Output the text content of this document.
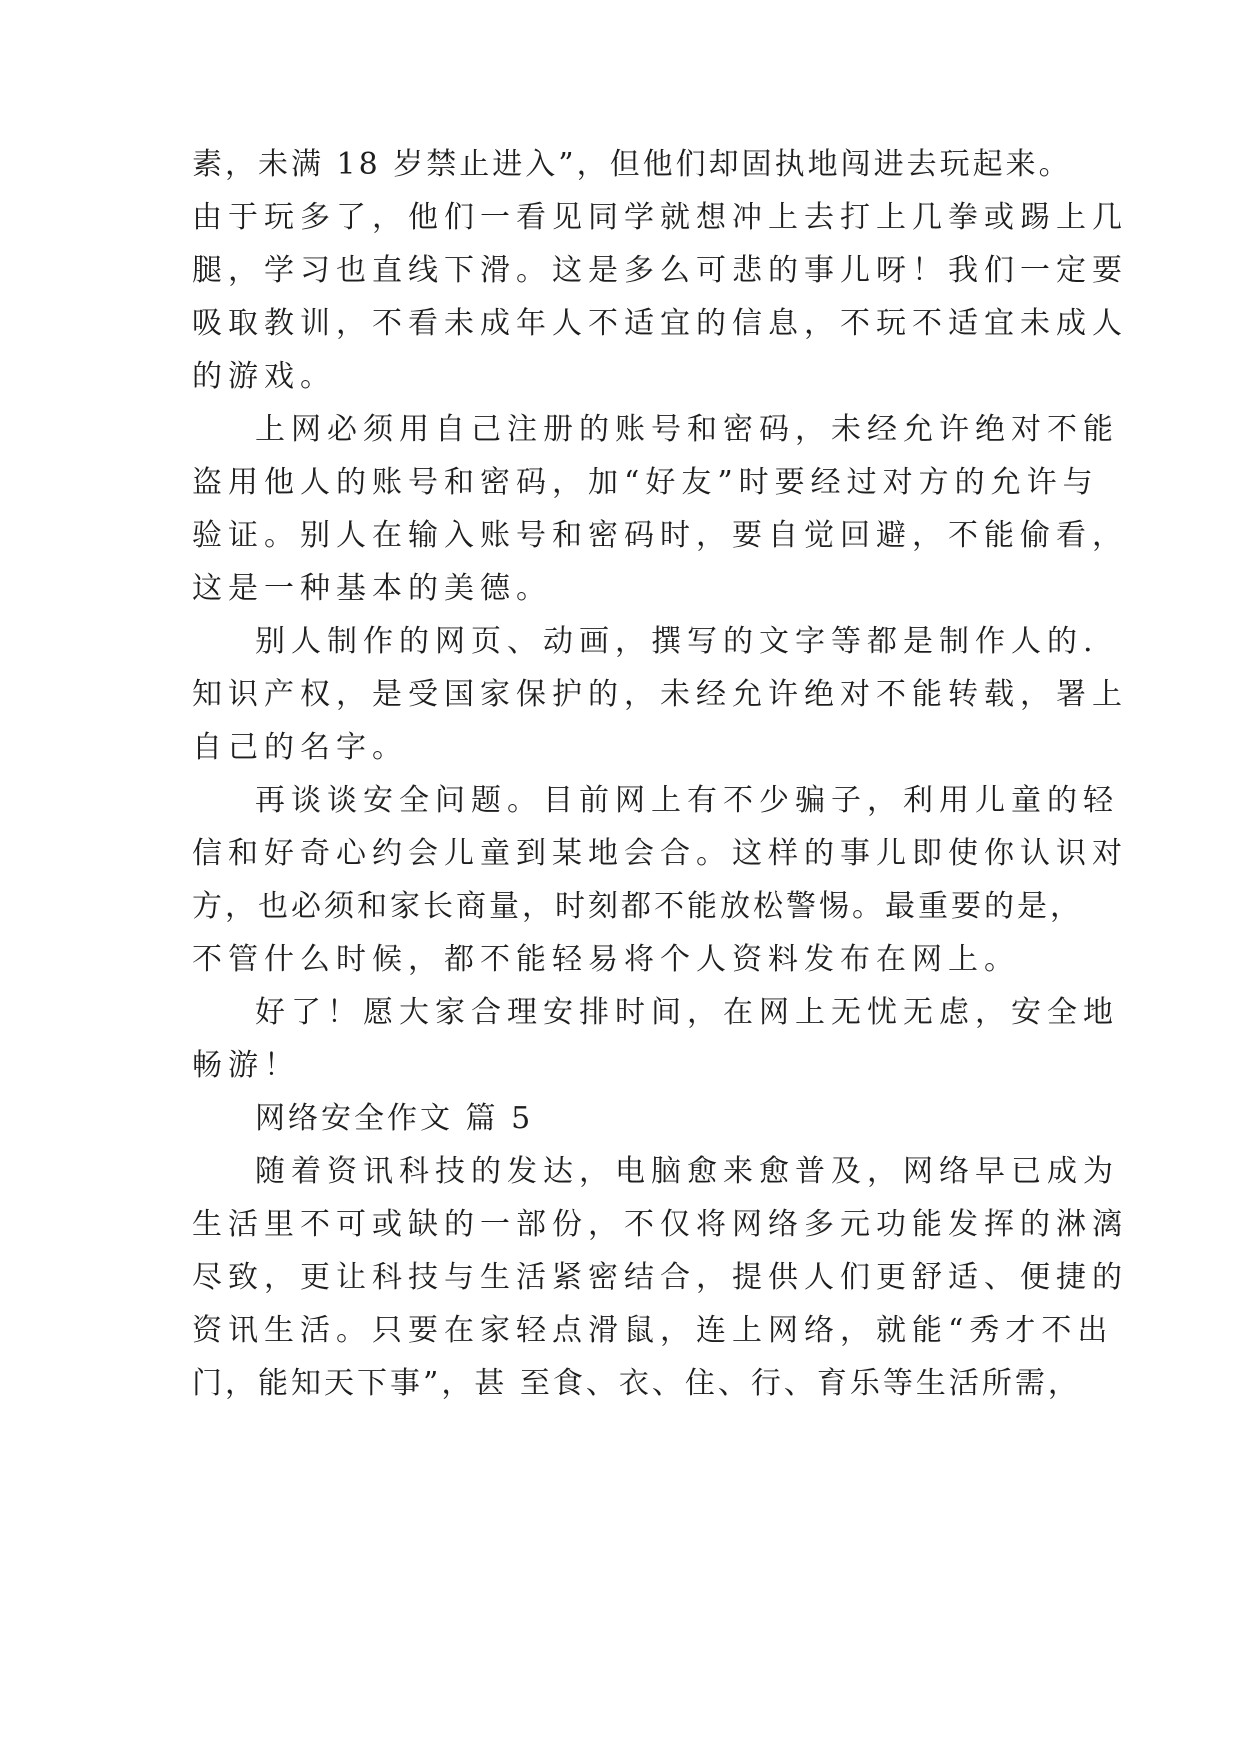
素，未满 18 岁禁止进入”，但他们却固执地闯进去玩起来。

由于玩多了，他们一看见同学就想冲上去打上几拳或踢上几

腿，学习也直线下滑。这是多么可悲的事儿呀！我们一定要

吸取教训，不看未成年人不适宜的信息，不玩不适宜未成人

的游戏。

上网必须用自己注册的账号和密码，未经允许绝对不能

盗用他人的账号和密码，加“好友”时要经过对方的允许与

验证。别人在输入账号和密码时，要自觉回避，不能偷看，

这是一种基本的美德。

别人制作的网页、动画，撰写的文字等都是制作人的.

知识产权，是受国家保护的，未经允许绝对不能转载，署上

自己的名字。

再谈谈安全问题。目前网上有不少骗子，利用儿童的轻

信和好奇心约会儿童到某地会合。这样的事儿即使你认识对

方，也必须和家长商量，时刻都不能放松警惕。最重要的是，

不管什么时候，都不能轻易将个人资料发布在网上。

好了！愿大家合理安排时间，在网上无忧无虑，安全地

畅游！

网络安全作文 篇 5

随着资讯科技的发达，电脑愈来愈普及，网络早已成为

生活里不可或缺的一部份，不仅将网络多元功能发挥的淋漓

尽致，更让科技与生活紧密结合，提供人们更舒适、便捷的

资讯生活。只要在家轻点滑鼠，连上网络，就能“秀才不出

门，能知天下事”，甚 至食、衣、住、行、育乐等生活所需，
